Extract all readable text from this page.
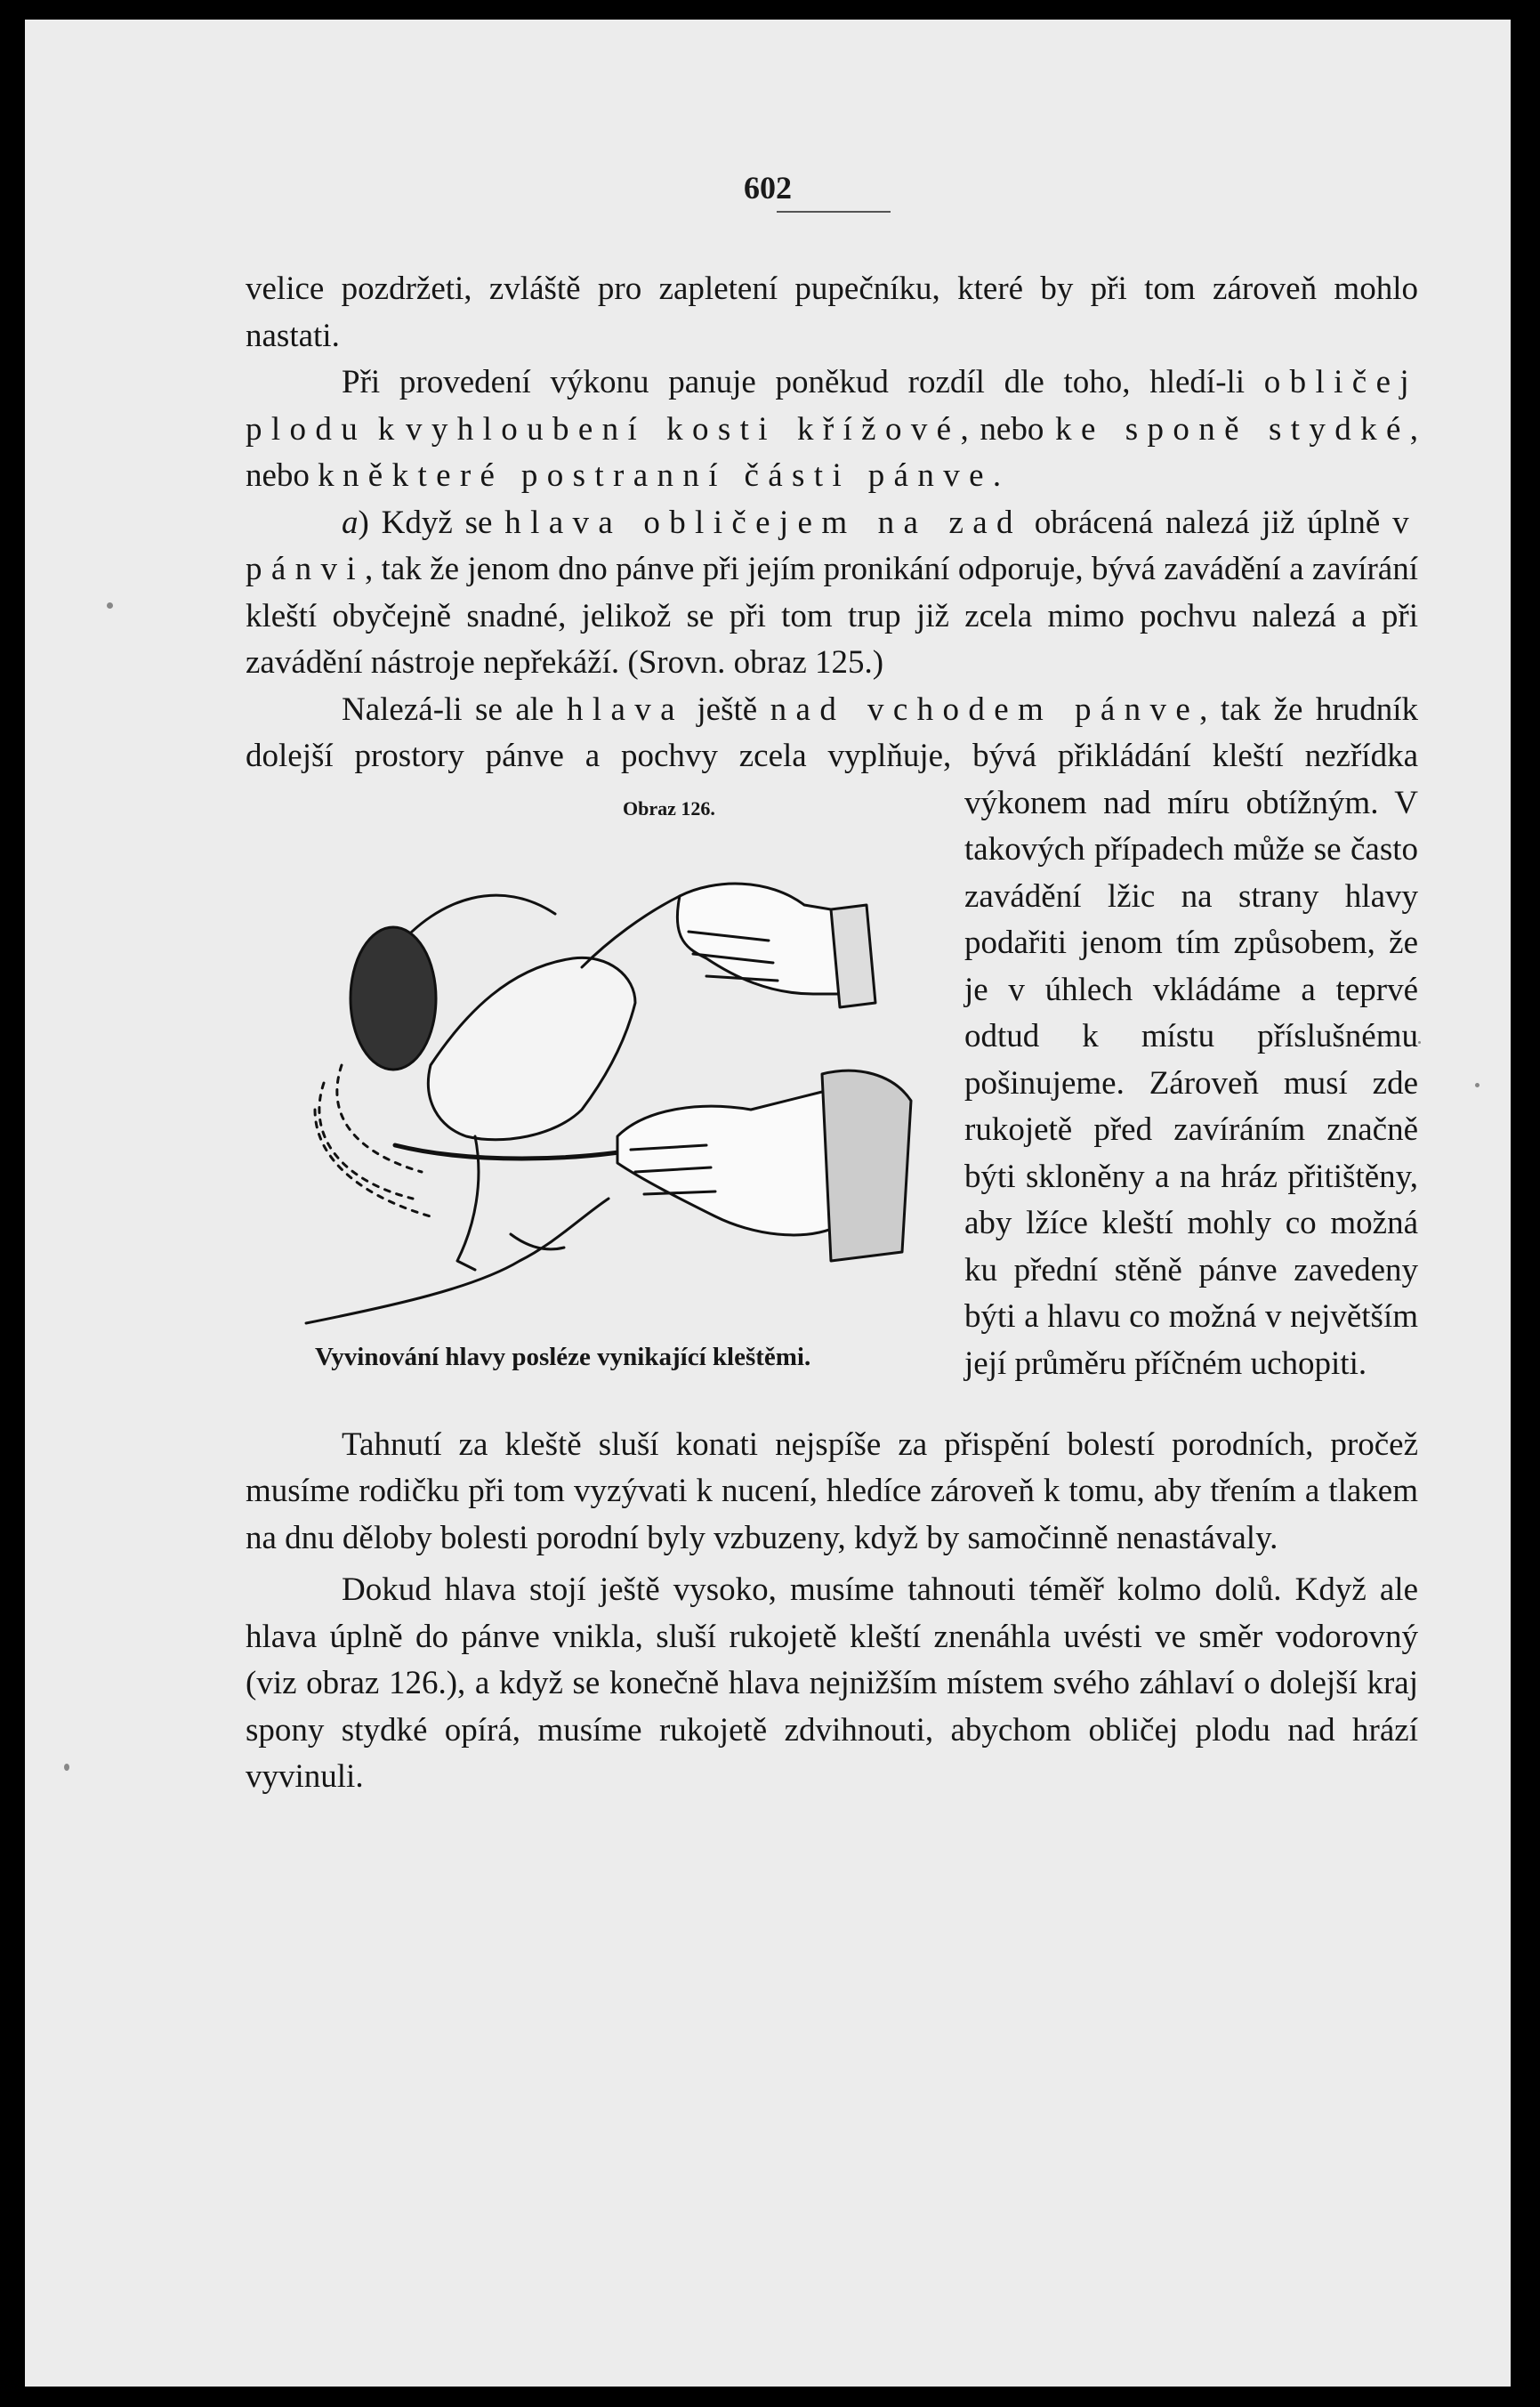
602

velice pozdržeti, zvláště pro zapletení pupečníku, které by při tom zároveň mohlo nastati.

Při provedení výkonu panuje poněkud rozdíl dle toho, hledí-li obličej plodu k vyhloubení kosti křížové, nebo ke sponě stydké, nebo k některé postranní části pánve.

a) Když se hlava obličejem na zad obrácená nalezá již úplně v pánvi, tak že jenom dno pánve při jejím pronikání odporuje, bývá zavádění a zavírání kleští obyčejně snadné, jelikož se při tom trup již zcela mimo pochvu nalezá a při zavádění nástroje nepřekáží. (Srovn. obraz 125.)

Nalezá-li se ale hlava ještě nad vchodem pánve, tak že hrudník dolejší prostory pánve a pochvy zcela vyplňuje, bývá
Obraz 126.
Vyvinování hlavy posléze vynikající kleštěmi.
přikládání kleští nezřídka výkonem nad míru obtížným. V takových případech může se často zavádění lžic na strany hlavy podařiti jenom tím způsobem, že je v úhlech vkládáme a teprvé odtud k místu příslušnému pošinujeme. Zároveň musí zde rukojetě před zavíráním značně býti skloněny a na hráz přitištěny, aby lžíce kleští mohly co možná ku přední stěně pánve zavedeny býti a hlavu co možná v největším její průměru příčném uchopiti.

Tahnutí za kleště sluší konati nejspíše za přispění bolestí porodních, pročež musíme rodičku při tom vyzývati k nucení, hledíce zároveň k tomu, aby třením a tlakem na dnu děloby bolesti porodní byly vzbuzeny, když by samočinně nenastávaly.

Dokud hlava stojí ještě vysoko, musíme tahnouti téměř kolmo dolů. Když ale hlava úplně do pánve vnikla, sluší rukojetě kleští znenáhla uvésti ve směr vodorovný (viz obraz 126.), a když se konečně hlava nejnižším místem svého záhlaví o dolejší kraj spony stydké opírá, musíme rukojetě zdvihnouti, abychom obličej plodu nad hrází vyvinuli.
